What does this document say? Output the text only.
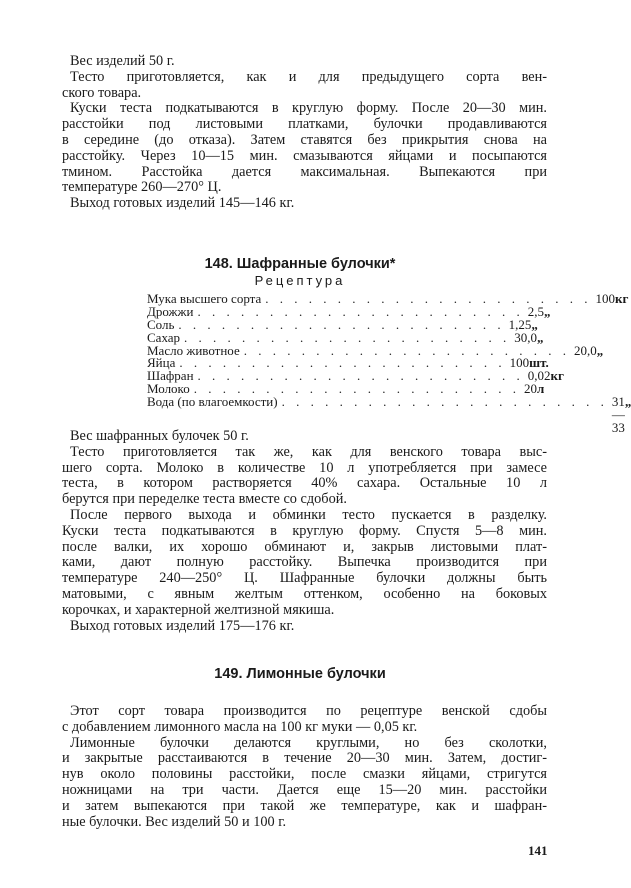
Вес изделий 50 г.
Тесто приготовляется, как и для предыдущего сорта вен-
ского товара.
Куски теста подкатываются в круглую форму. После 20—30 мин.
расстойки под листовыми платками, булочки продавливаются
в середине (до отказа). Затем ставятся без прикрытия снова на
расстойку. Через 10—15 мин. смазываются яйцами и посыпаются
тмином. Расстойка дается максимальная. Выпекаются при
температуре 260—270° Ц.
Выход готовых изделий 145—146 кг.
148. Шафранные булочки*
Рецептура
Мука высшего сорта . . . . . . . . . . . . . . . . . . . . . . . 100 кг
Дрожжи . . . . . . . . . . . . . . . . . . . . . . . 2,5 „
Соль . . . . . . . . . . . . . . . . . . . . . . . 1,25 „
Сахар . . . . . . . . . . . . . . . . . . . . . . . 30,0 „
Масло животное . . . . . . . . . . . . . . . . . . . . . . . 20,0 „
Яйца . . . . . . . . . . . . . . . . . . . . . . . 100 шт.
Шафран . . . . . . . . . . . . . . . . . . . . . . . 0,02 кг
Молоко . . . . . . . . . . . . . . . . . . . . . . . 20 л
Вода (по влагоемкости) . . . . . . . . . . . . . . . . . . . . . . . 31—33
„
Вес шафранных булочек 50 г.
Тесто приготовляется так же, как для венского товара выс-
шего сорта. Молоко в количестве 10 л употребляется при замесе
теста, в котором растворяется 40% сахара. Остальные 10 л
берутся при переделке теста вместе со сдобой.
После первого выхода и обминки тесто пускается в разделку.
Куски теста подкатываются в круглую форму. Спустя 5—8 мин.
после валки, их хорошо обминают и, закрыв листовыми плат-
ками, дают полную расстойку. Выпечка производится при
температуре 240—250° Ц. Шафранные булочки должны быть
матовыми, с явным желтым оттенком, особенно на боковых
корочках, и характерной желтизной мякиша.
Выход готовых изделий 175—176 кг.
149. Лимонные булочки
Этот сорт товара производится по рецептуре венской сдобы
с добавлением лимонного масла на 100 кг муки — 0,05 кг.
Лимонные булочки делаются круглыми, но без сколотки,
и закрытые расстаиваются в течение 20—30 мин. Затем, достиг-
нув около половины расстойки, после смазки яйцами, стригутся
ножницами на три части. Дается еще 15—20 мин. расстойки
и затем выпекаются при такой же температуре, как и шафран-
ные булочки. Вес изделий 50 и 100 г.
141
